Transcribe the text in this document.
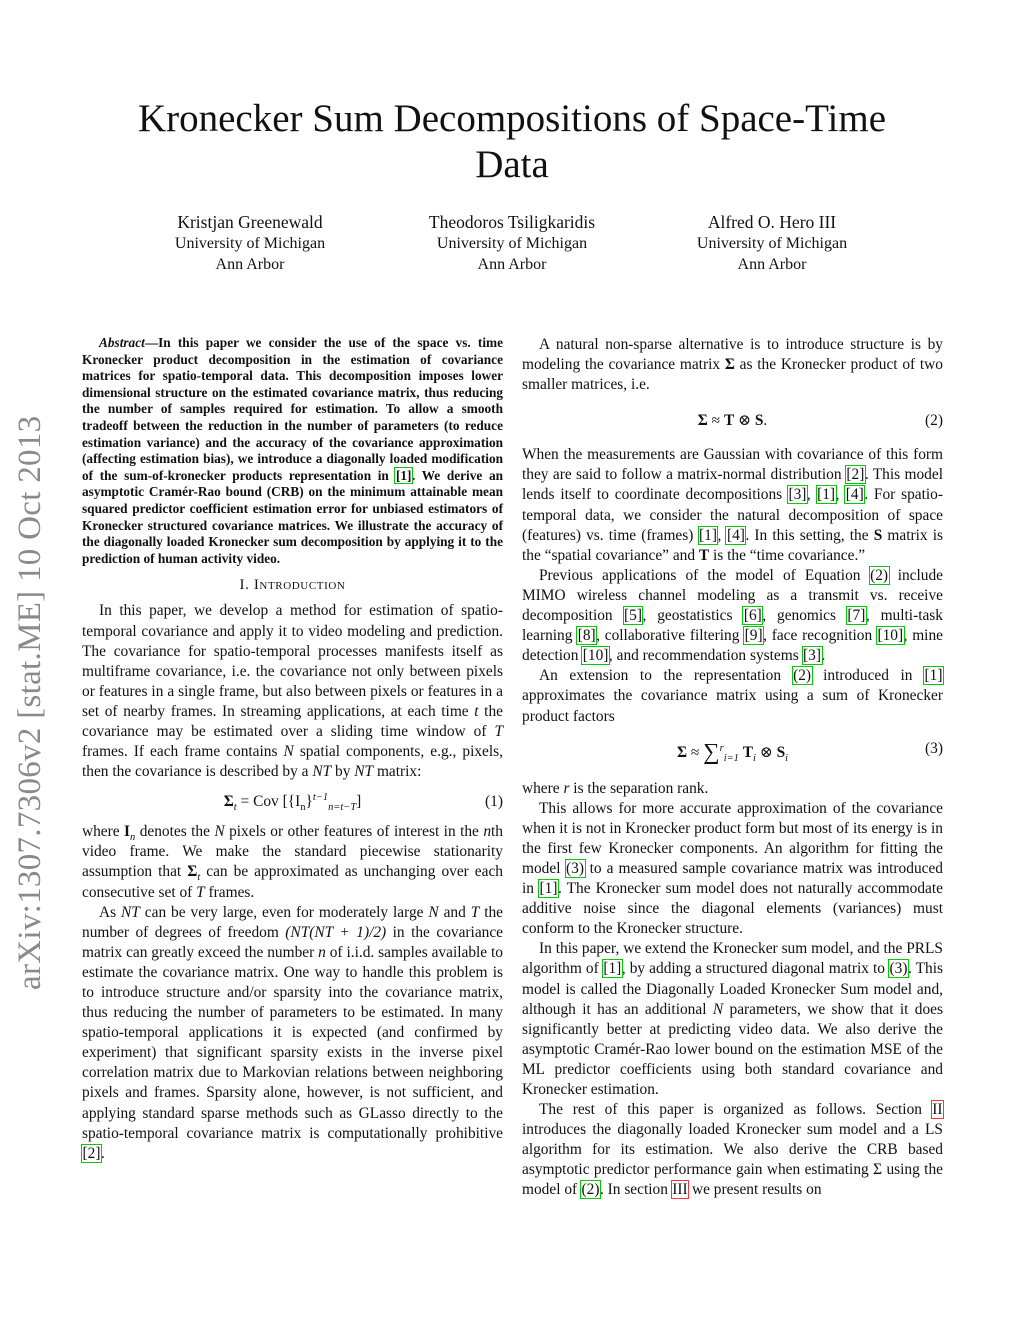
Kronecker Sum Decompositions of Space-Time
Data
Kristjan Greenewald
University of Michigan
Ann Arbor
Theodoros Tsiligkaridis
University of Michigan
Ann Arbor
Alfred O. Hero III
University of Michigan
Ann Arbor
arXiv:1307.7306v2 [stat.ME] 10 Oct 2013

Abstract—In this paper we consider the use of the space vs. time Kronecker product decomposition in the estimation of covariance matrices for spatio-temporal data. This decomposition imposes lower dimensional structure on the estimated covariance matrix, thus reducing the number of samples required for estimation. To allow a smooth tradeoff between the reduction in the number of parameters (to reduce estimation variance) and the accuracy of the covariance approximation (affecting estimation bias), we introduce a diagonally loaded modification of the sum-of-kronecker products representation in [1]. We derive an asymptotic Cramér-Rao bound (CRB) on the minimum attainable mean squared predictor coefficient estimation error for unbiased estimators of Kronecker structured covariance matrices. We illustrate the accuracy of the diagonally loaded Kronecker sum decomposition by applying it to the prediction of human activity video.

I. Introduction

In this paper, we develop a method for estimation of spatio-temporal covariance and apply it to video modeling and prediction. The covariance for spatio-temporal processes manifests itself as multiframe covariance, i.e. the covariance not only between pixels or features in a single frame, but also between pixels or features in a set of nearby frames. In streaming applications, at each time t the covariance may be estimated over a sliding time window of T frames. If each frame contains N spatial components, e.g., pixels, then the covariance is described by a NT by NT matrix:

$\Sigma_t$ = Cov $[\{I_n\}^{t-1}_{n=t-T}]$	(1)

where $I_n$ denotes the N pixels or other features of interest in the nth video frame. We make the standard piecewise stationarity assumption that $\Sigma_t$ can be approximated as unchanging over each consecutive set of T frames.

As NT can be very large, even for moderately large N and T the number of degrees of freedom (NT(NT + 1)/2) in the covariance matrix can greatly exceed the number n of i.i.d. samples available to estimate the covariance matrix. One way to handle this problem is to introduce structure and/or sparsity into the covariance matrix, thus reducing the number of parameters to be estimated. In many spatio-temporal applications it is expected (and confirmed by experiment) that significant sparsity exists in the inverse pixel correlation matrix due to Markovian relations between neighboring pixels and frames. Sparsity alone, however, is not sufficient, and applying standard sparse methods such as GLasso directly to the spatio-temporal covariance matrix is computationally prohibitive [2].

A natural non-sparse alternative is to introduce structure is by modeling the covariance matrix Σ as the Kronecker product of two smaller matrices, i.e.

Σ ≈ T ⊗ S.	(2)

When the measurements are Gaussian with covariance of this form they are said to follow a matrix-normal distribution [2]. This model lends itself to coordinate decompositions [3], [1], [4]. For spatio-temporal data, we consider the natural decomposition of space (features) vs. time (frames) [1], [4]. In this setting, the S matrix is the “spatial covariance” and T is the “time covariance.”

Previous applications of the model of Equation (2) include MIMO wireless channel modeling as a transmit vs. receive decomposition [5], geostatistics [6], genomics [7], multi-task learning [8], collaborative filtering [9], face recognition [10], mine detection [10], and recommendation systems [3].

An extension to the representation (2) introduced in [1] approximates the covariance matrix using a sum of Kronecker product factors

Σ ≈ ∑$^r_{i=1}$ $T_i$ ⊗ $S_i$
(3)

where r is the separation rank.

This allows for more accurate approximation of the covariance when it is not in Kronecker product form but most of its energy is in the first few Kronecker components. An algorithm for fitting the model (3) to a measured sample covariance matrix was introduced in [1]. The Kronecker sum model does not naturally accommodate additive noise since the diagonal elements (variances) must conform to the Kronecker structure.

In this paper, we extend the Kronecker sum model, and the PRLS algorithm of [1], by adding a structured diagonal matrix to (3). This model is called the Diagonally Loaded Kronecker Sum model and, although it has an additional N parameters, we show that it does significantly better at predicting video data. We also derive the asymptotic Cramér-Rao lower bound on the estimation MSE of the ML predictor coefficients using both standard covariance and Kronecker estimation.

The rest of this paper is organized as follows. Section II introduces the diagonally loaded Kronecker sum model and a LS algorithm for its estimation. We also derive the CRB based asymptotic predictor performance gain when estimating Σ using the model of (2). In section III we present results on
